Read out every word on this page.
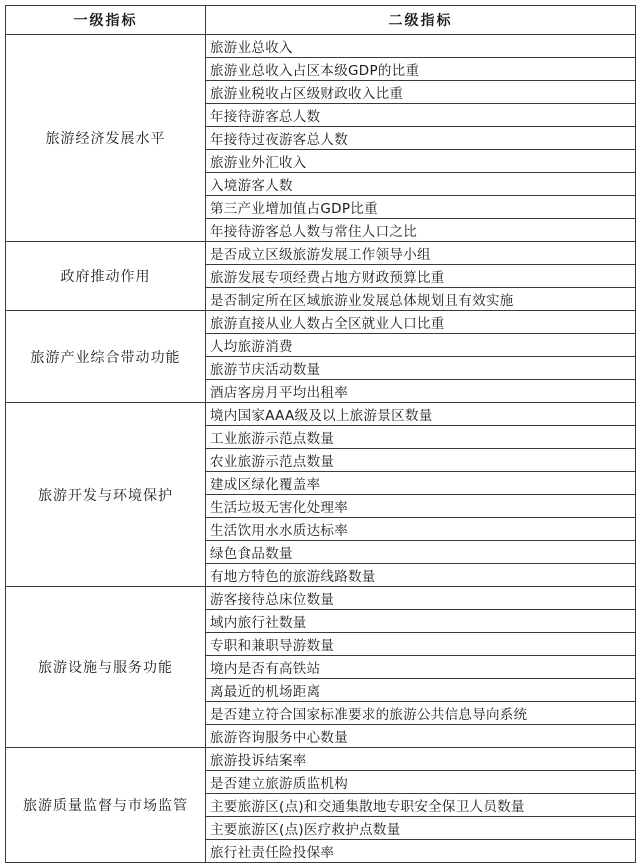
一级指标	二级指标
旅游经济发展水平	旅游业总收入
	旅游业总收入占区本级GDP的比重
	旅游业税收占区级财政收入比重
	年接待游客总人数
	年接待过夜游客总人数
	旅游业外汇收入
	入境游客人数
	第三产业增加值占GDP比重
	年接待游客总人数与常住人口之比
政府推动作用	是否成立区级旅游发展工作领导小组
	旅游发展专项经费占地方财政预算比重
	是否制定所在区域旅游业发展总体规划且有效实施
旅游产业综合带动功能	旅游直接从业人数占全区就业人口比重
	人均旅游消费
	旅游节庆活动数量
	酒店客房月平均出租率
旅游开发与环境保护	境内国家AAA级及以上旅游景区数量
	工业旅游示范点数量
	农业旅游示范点数量
	建成区绿化覆盖率
	生活垃圾无害化处理率
	生活饮用水水质达标率
	绿色食品数量
	有地方特色的旅游线路数量
旅游设施与服务功能	游客接待总床位数量
	域内旅行社数量
	专职和兼职导游数量
	境内是否有高铁站
	离最近的机场距离
	是否建立符合国家标准要求的旅游公共信息导向系统
	旅游咨询服务中心数量
旅游质量监督与市场监管	旅游投诉结案率
	是否建立旅游质监机构
	主要旅游区(点)和交通集散地专职安全保卫人员数量
	主要旅游区(点)医疗救护点数量
	旅行社责任险投保率
